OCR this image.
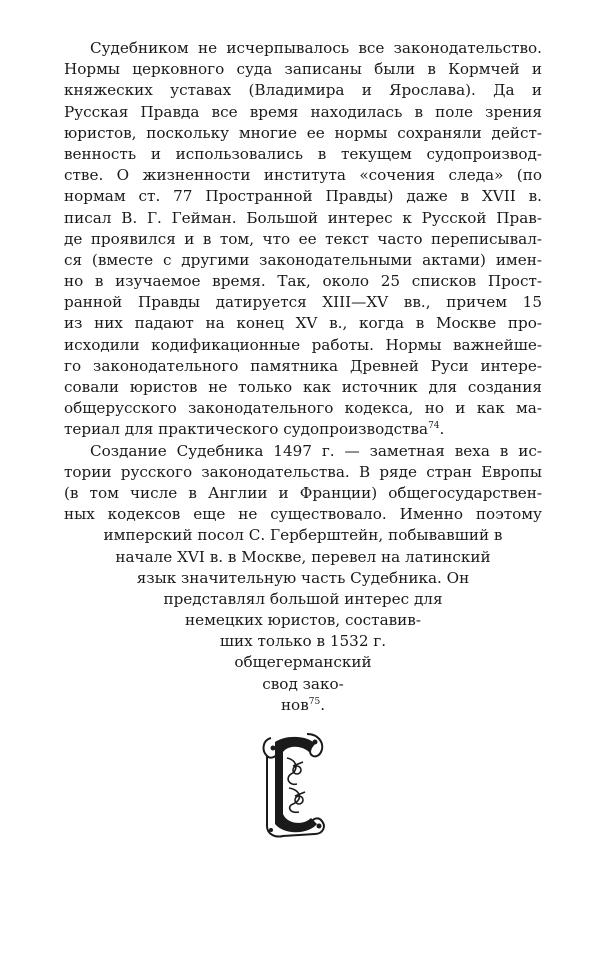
Судебником не исчерпывалось все законодательство.
Нормы церковного суда записаны были в Кормчей и
княжеских уставах (Владимира и Ярослава). Да и
Русская Правда все время находилась в поле зрения
юристов, поскольку многие ее нормы сохраняли дейст-
венность и использовались в текущем судопроизвод-
стве. О жизненности института «сочения следа» (по
нормам ст. 77 Пространной Правды) даже в XVII в.
писал В. Г. Гейман. Большой интерес к Русской Прав-
де проявился и в том, что ее текст часто переписывал-
ся (вместе с другими законодательными актами) имен-
но в изучаемое время. Так, около 25 списков Прост-
ранной Правды датируется XIII—XV вв., причем 15
из них падают на конец XV в., когда в Москве про-
исходили кодификационные работы. Нормы важнейше-
го законодательного памятника Древней Руси интере-
совали юристов не только как источник для создания
общерусского законодательного кодекса, но и как ма-
териал для практического судопроизводства$^{74}$.
Создание Судебника 1497 г. — заметная веха в ис-
тории русского законодательства. В ряде стран Европы
(в том числе в Англии и Франции) общегосударствен-
ных кодексов еще не существовало. Именно поэтому
имперский посол С. Герберштейн, побывавший в
начале XVI в. в Москве, перевел на латинский
язык значительную часть Судебника. Он
представлял большой интерес для
немецких юристов, составив-
ших только в 1532 г.
общегерманский
свод зако-
нов$^{75}$.
